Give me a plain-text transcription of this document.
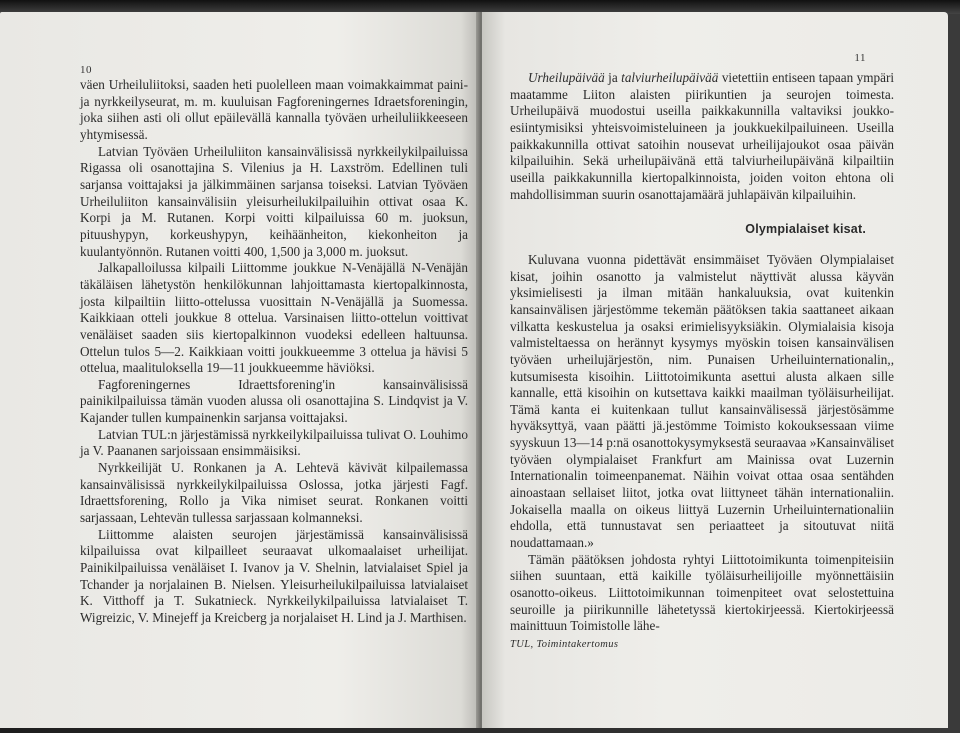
10

väen Urheiluliitoksi, saaden heti puolelleen maan voimakkaimmat paini- ja nyrkkeilyseurat, m. m. kuuluisan Fagforeningernes Idraetsforeningin, joka siihen asti oli ollut epäilevällä kannalla työväen urheiluliikkeeseen yhtymisessä.

Latvian Työväen Urheiluliiton kansainvälisissä nyrkkeilykilpailuissa Rigassa oli osanottajina S. Vilenius ja H. Laxström. Edellinen tuli sarjansa voittajaksi ja jälkimmäinen sarjansa toiseksi. Latvian Työväen Urheiluliiton kansainvälisiin yleisurheilukilpailuihin ottivat osaa K. Korpi ja M. Rutanen. Korpi voitti kilpailuissa 60 m. juoksun, pituushypyn, korkeushypyn, keihäänheiton, kiekonheiton ja kuulantyönnön. Rutanen voitti 400, 1,500 ja 3,000 m. juoksut.

Jalkapalloilussa kilpaili Liittomme joukkue N-Venäjällä N-Venäjän täkäläisen lähetystön henkilökunnan lahjoittamasta kiertopalkinnosta, josta kilpailtiin liitto-ottelussa vuosittain N-Venäjällä ja Suomessa. Kaikkiaan otteli joukkue 8 ottelua. Varsinaisen liitto-ottelun voittivat venäläiset saaden siis kiertopalkinnon vuodeksi edelleen haltuunsa. Ottelun tulos 5—2. Kaikkiaan voitti joukkueemme 3 ottelua ja hävisi 5 ottelua, maalituloksella 19—11 joukkueemme häviöksi.

Fagforeningernes Idraettsforening'in kansainvälisissä painikilpailuissa tämän vuoden alussa oli osanottajina S. Lindqvist ja V. Kajander tullen kumpainenkin sarjansa voittajaksi.

Latvian TUL:n järjestämissä nyrkkeilykilpailuissa tulivat O. Louhimo ja V. Paananen sarjoissaan ensimmäisiksi.

Nyrkkeilijät U. Ronkanen ja A. Lehtevä kävivät kilpailemassa kansainvälisissä nyrkkeilykilpailuissa Oslossa, jotka järjesti Fagf. Idraettsforening, Rollo ja Vika nimiset seurat. Ronkanen voitti sarjassaan, Lehtevän tullessa sarjassaan kolmanneksi.

Liittomme alaisten seurojen järjestämissä kansainvälisissä kilpailuissa ovat kilpailleet seuraavat ulkomaalaiset urheilijat. Painikilpailuissa venäläiset I. Ivanov ja V. Shelnin, latvialaiset Spiel ja Tchander ja norjalainen B. Nielsen. Yleisurheilukilpailuissa latvialaiset K. Vitthoff ja T. Sukatnieck. Nyrkkeilykilpailuissa latvialaiset T. Wigreizic, V. Minejeff ja Kreicberg ja norjalaiset H. Lind ja J. Marthisen.

11

Urheilupäivää ja talviurheilupäivää vietettiin entiseen tapaan ympäri maatamme Liiton alaisten piirikuntien ja seurojen toimesta. Urheilupäivä muodostui useilla paikkakunnilla valtaviksi joukko-esiintymisiksi yhteisvoimisteluineen ja joukkuekilpailuineen. Useilla paikkakunnilla ottivat satoihin nousevat urheilijajoukot osaa päivän kilpailuihin. Sekä urheilupäivänä että talviurheilupäivänä kilpailtiin useilla paikkakunnilla kiertopalkinnoista, joiden voiton ehtona oli mahdollisimman suurin osanottajamäärä juhlapäivän kilpailuihin.

Olympialaiset kisat.

Kuluvana vuonna pidettävät ensimmäiset Työväen Olympialaiset kisat, joihin osanotto ja valmistelut näyttivät alussa käyvän yksimielisesti ja ilman mitään hankaluuksia, ovat kuitenkin kansainvälisen järjestömme tekemän päätöksen takia saattaneet aikaan vilkatta keskustelua ja osaksi erimielisyyksiäkin. Olymialaisia kisoja valmisteltaessa on herännyt kysymys myöskin toisen kansainvälisen työväen urheilujärjestön, nim. Punaisen Urheiluinternationalin,, kutsumisesta kisoihin. Liittotoimikunta asettui alusta alkaen sille kannalle, että kisoihin on kutsettava kaikki maailman työläisurheilijat. Tämä kanta ei kuitenkaan tullut kansainvälisessä järjestösämme hyväksyttyä, vaan päätti jä.jestömme Toimisto kokouksessaan viime syyskuun 13—14 p:nä osanottokysymyksestä seuraavaa »Kansainväliset työväen olympialaiset Frankfurt am Mainissa ovat Luzernin Internationalin toimeenpanemat. Näihin voivat ottaa osaa sentähden ainoastaan sellaiset liitot, jotka ovat liittyneet tähän internationaliin. Jokaisella maalla on oikeus liittyä Luzernin Urheiluinternationaliin ehdolla, että tunnustavat sen periaatteet ja sitoutuvat niitä noudattamaan.»

Tämän päätöksen johdosta ryhtyi Liittotoimikunta toimenpiteisiin siihen suuntaan, että kaikille työläisurheilijoille myönnettäisiin osanotto-oikeus. Liittotoimikunnan toimenpiteet ovat selostettuina seuroille ja piirikunnille lähetetyssä kiertokirjeessä. Kiertokirjeessä mainittuun Toimistolle lähe-

TUL, Toimintakertomus
